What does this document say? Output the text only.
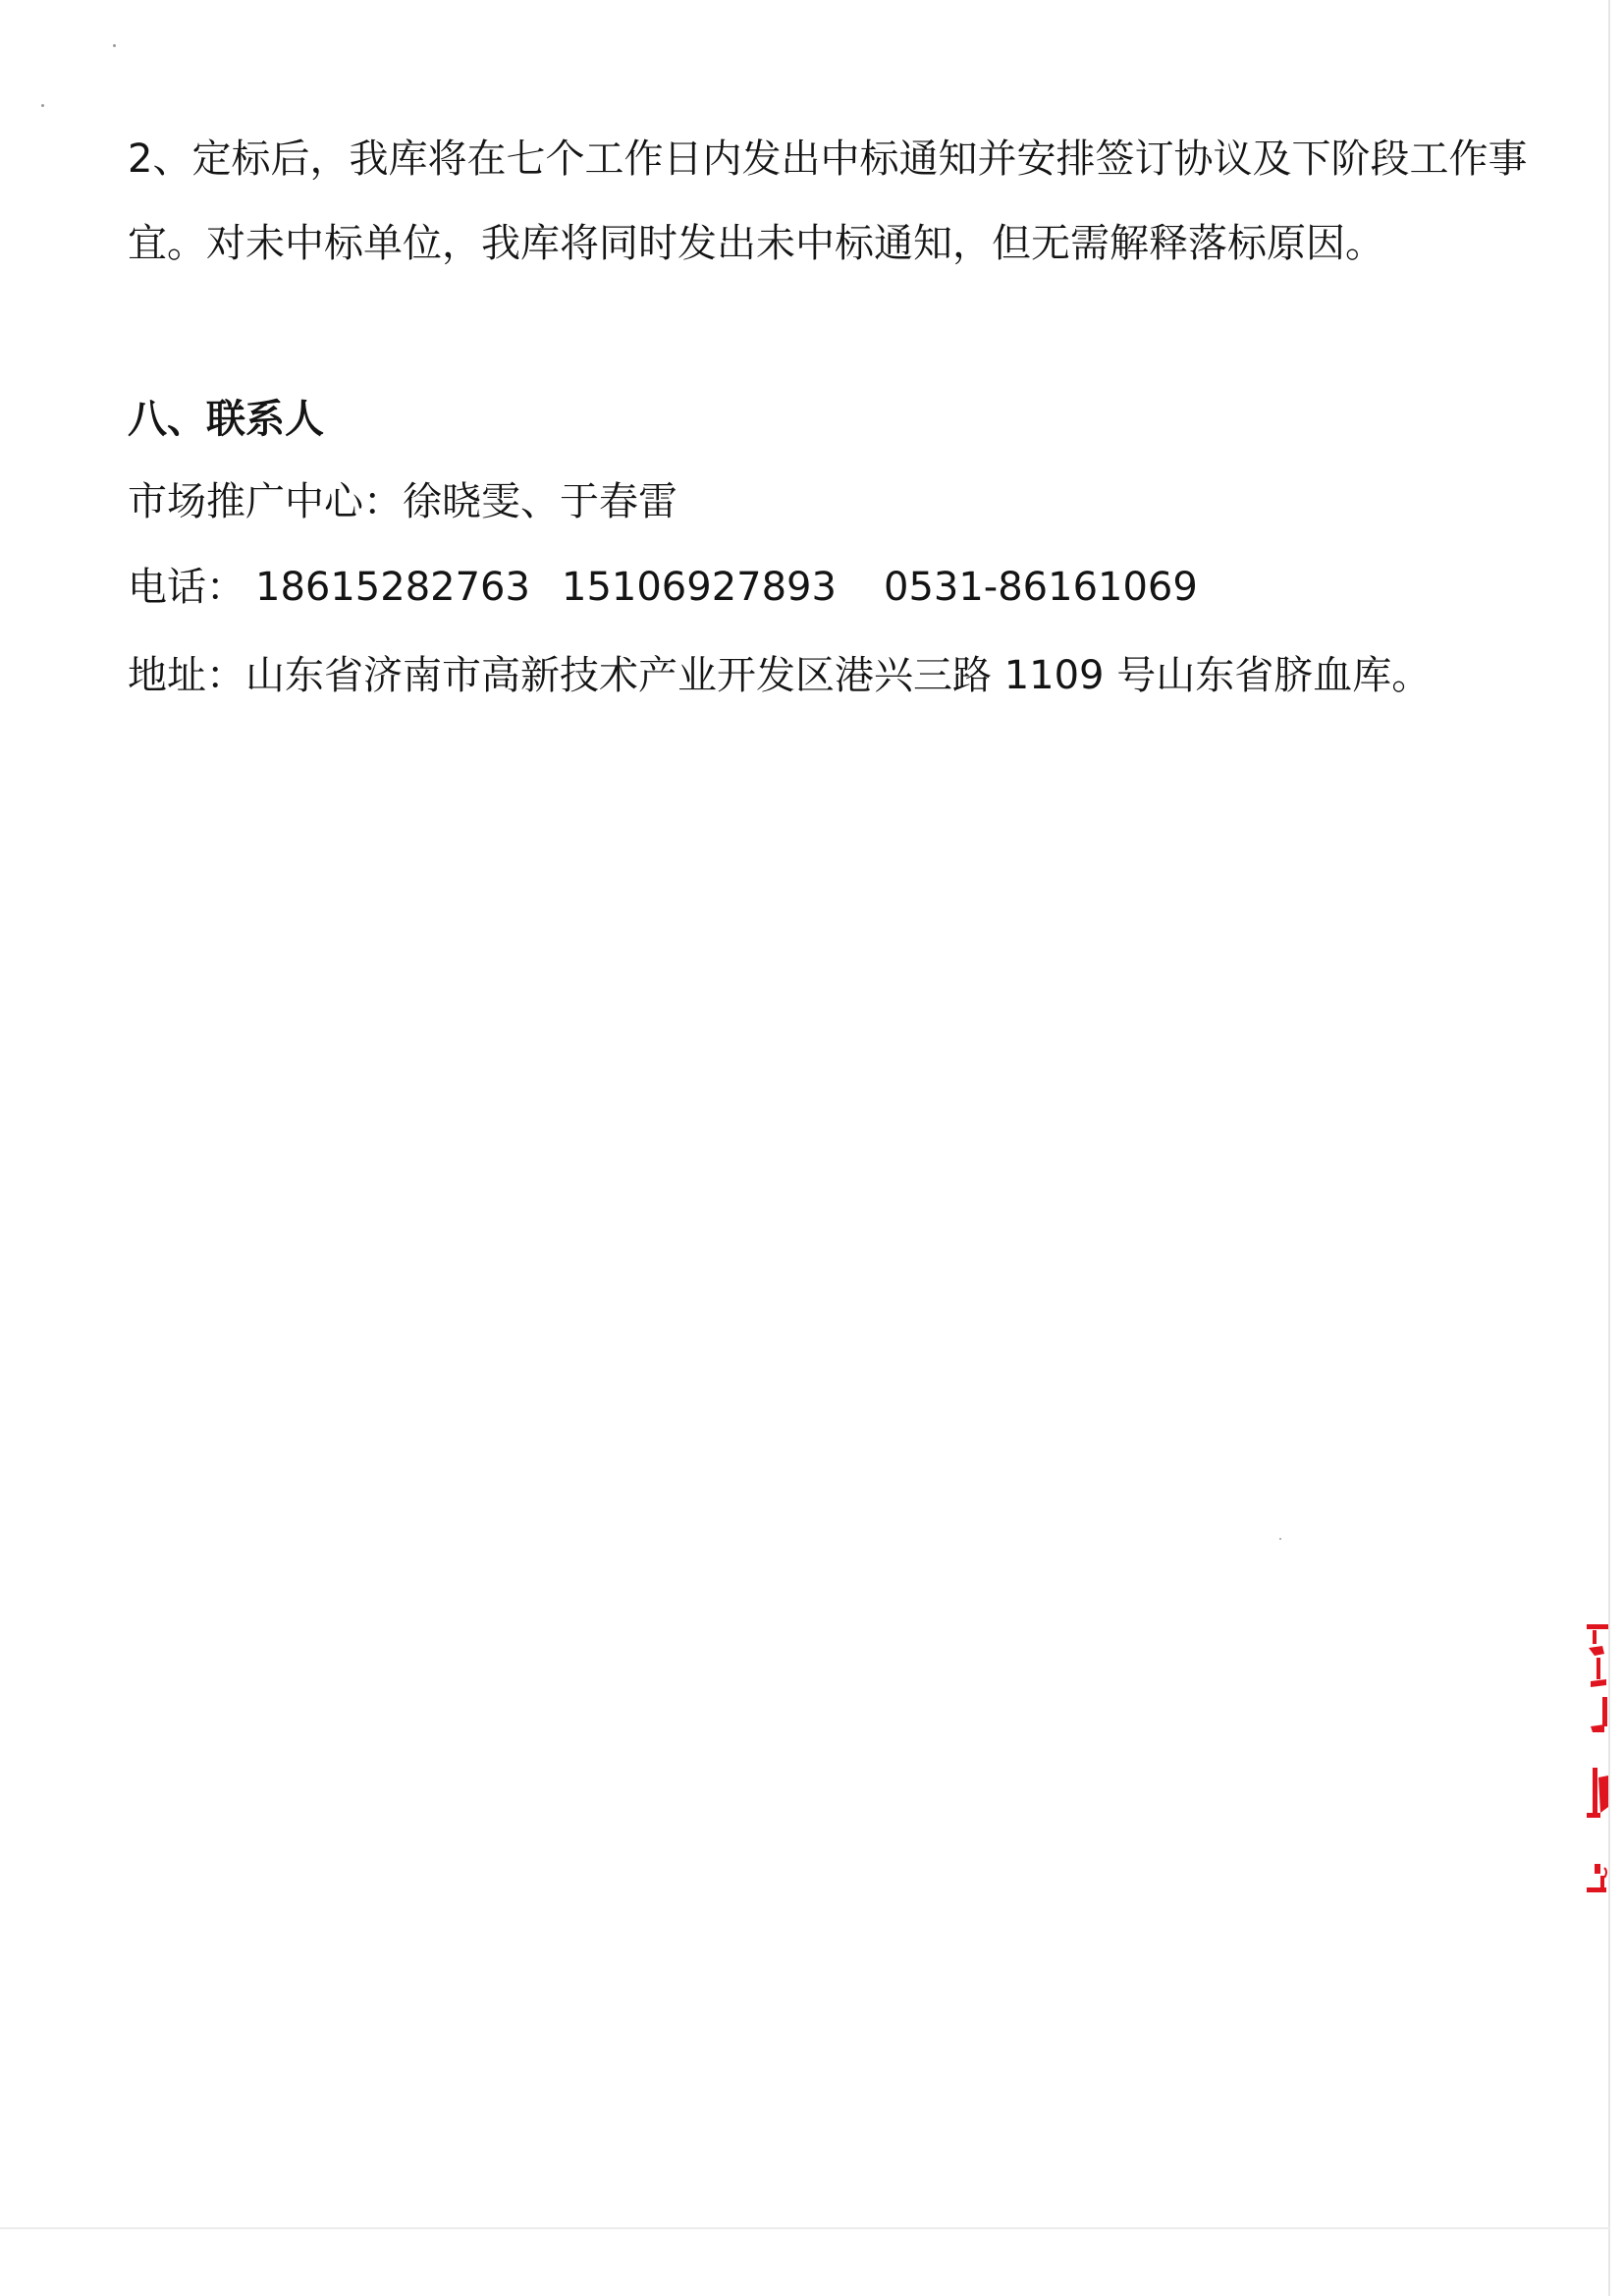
2、定标后，我库将在七个工作日内发出中标通知并安排签订协议及下阶段工作事
宜。对未中标单位，我库将同时发出未中标通知，但无需解释落标原因。
八、联系人
市场推广中心：徐晓雯、于春雷
电话： 18615282763 15106927893 0531-86161069
地址：山东省济南市高新技术产业开发区港兴三路 1109 号山东省脐血库。
